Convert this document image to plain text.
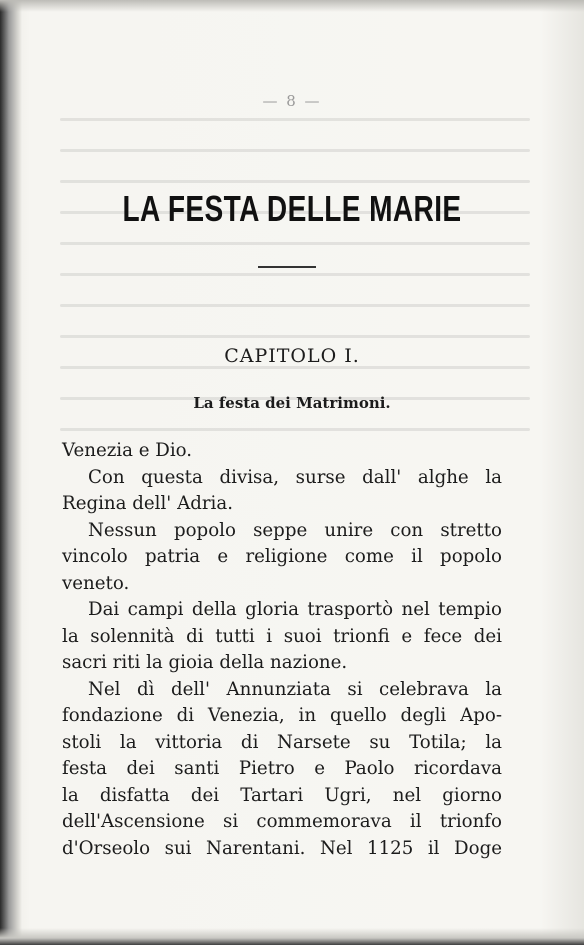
— 8 —
LA FESTA DELLE MARIE
CAPITOLO I.
La festa dei Matrimoni.
Venezia e Dio.
Con questa divisa, surse dall' alghe la
Regina dell' Adria.
Nessun popolo seppe unire con stretto
vincolo patria e religione come il popolo
veneto.
Dai campi della gloria trasportò nel tempio
la solennità di tutti i suoi trionfi e fece dei
sacri riti la gioia della nazione.
Nel dì dell' Annunziata si celebrava la
fondazione di Venezia, in quello degli Apo-
stoli la vittoria di Narsete su Totila; la
festa dei santi Pietro e Paolo ricordava
la disfatta dei Tartari Ugri, nel giorno
dell'Ascensione si commemorava il trionfo
d'Orseolo sui Narentani. Nel 1125 il Doge
